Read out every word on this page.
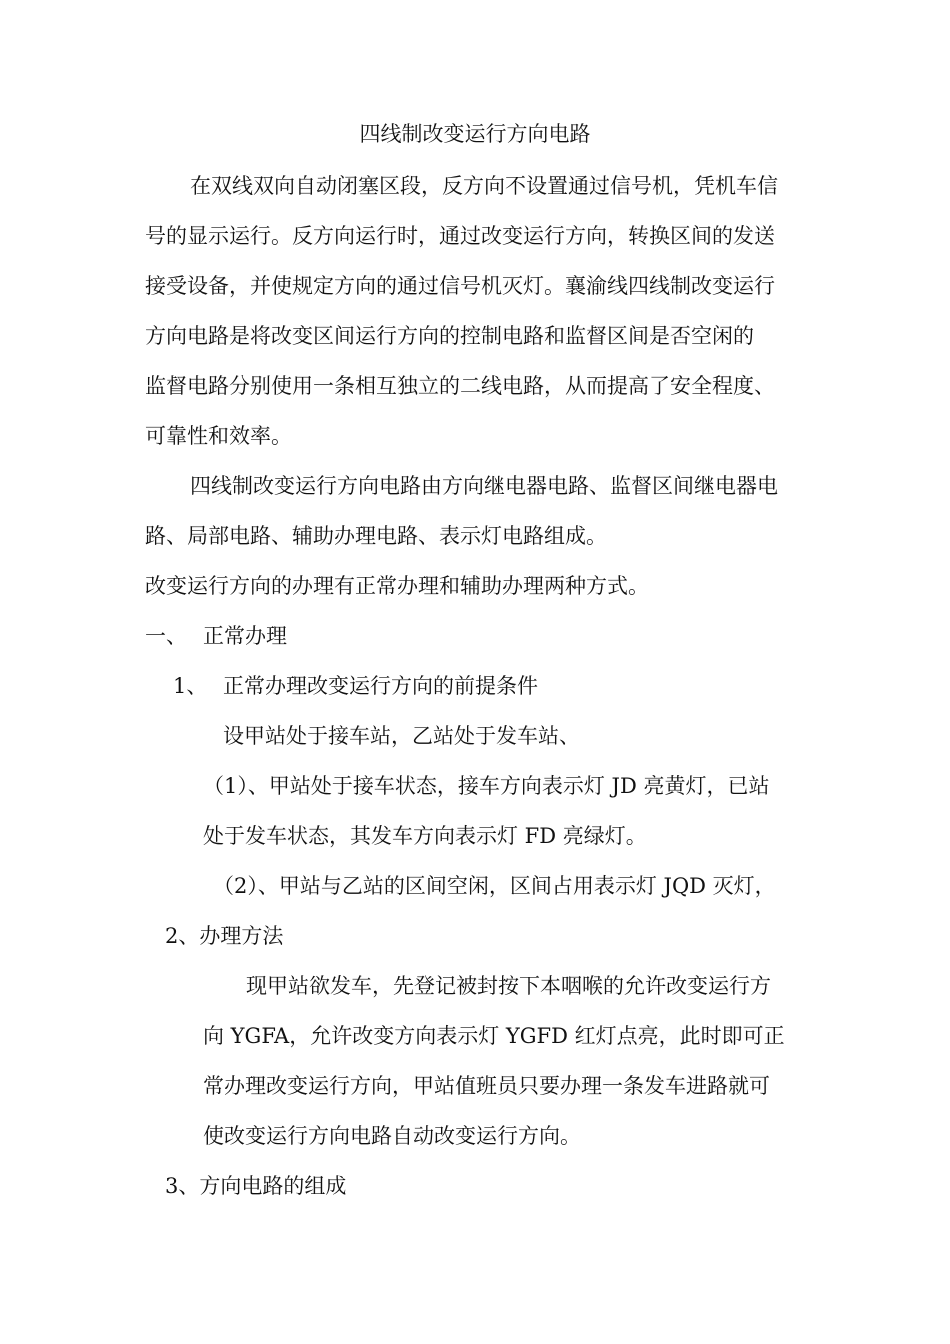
四线制改变运行方向电路

在双线双向自动闭塞区段，反方向不设置通过信号机，凭机车信

号的显示运行。反方向运行时，通过改变运行方向，转换区间的发送

接受设备，并使规定方向的通过信号机灭灯。襄渝线四线制改变运行

方向电路是将改变区间运行方向的控制电路和监督区间是否空闲的

监督电路分别使用一条相互独立的二线电路，从而提高了安全程度、

可靠性和效率。

四线制改变运行方向电路由方向继电器电路、监督区间继电器电

路、局部电路、辅助办理电路、表示灯电路组成。

改变运行方向的办理有正常办理和辅助办理两种方式。

一、 正常办理

1、 正常办理改变运行方向的前提条件

设甲站处于接车站，乙站处于发车站、

（1）、甲站处于接车状态，接车方向表示灯 JD 亮黄灯，已站

处于发车状态，其发车方向表示灯 FD 亮绿灯。

（2）、甲站与乙站的区间空闲，区间占用表示灯 JQD 灭灯，

2、办理方法

现甲站欲发车，先登记被封按下本咽喉的允许改变运行方

向 YGFA，允许改变方向表示灯 YGFD 红灯点亮，此时即可正

常办理改变运行方向，甲站值班员只要办理一条发车进路就可

使改变运行方向电路自动改变运行方向。

3、方向电路的组成
